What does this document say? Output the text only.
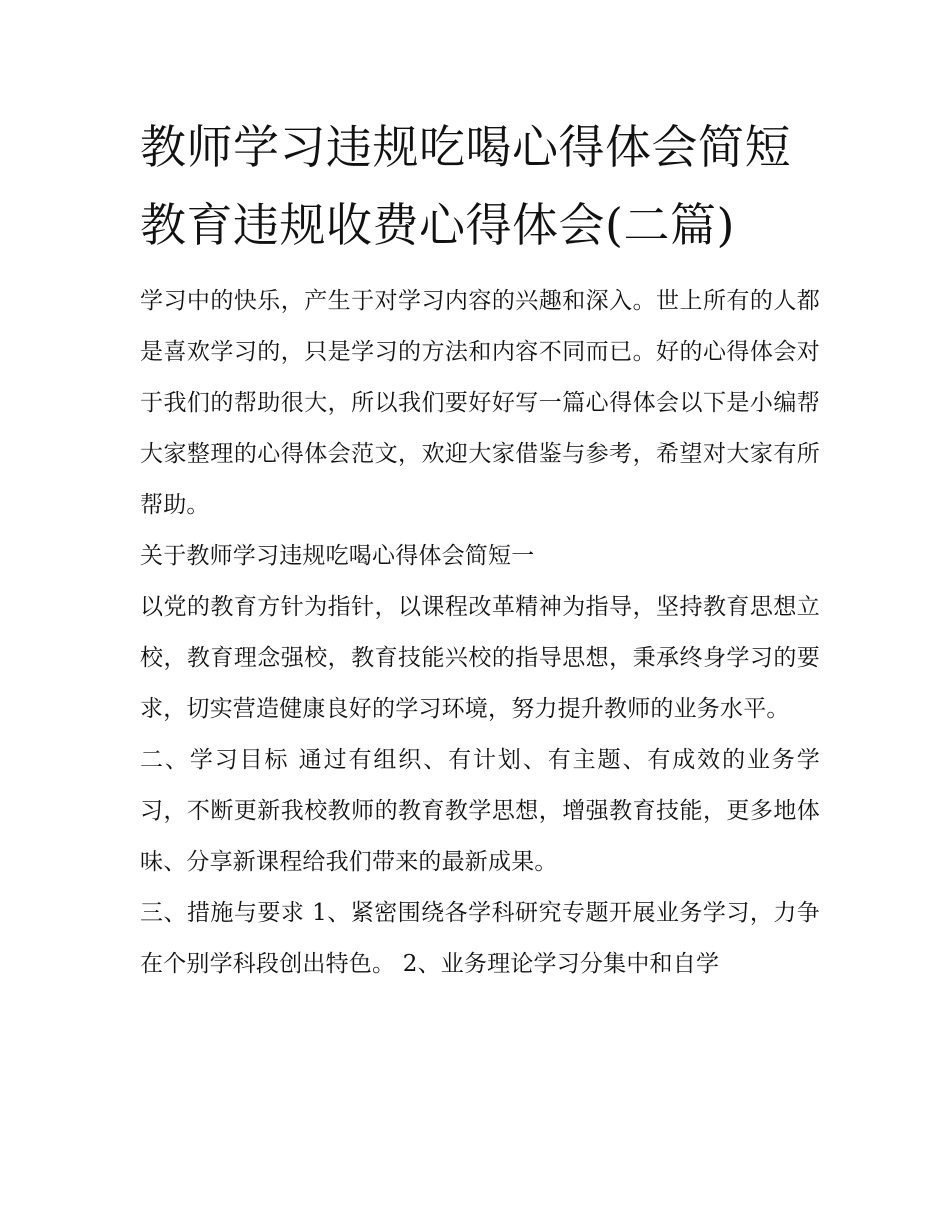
教师学习违规吃喝心得体会简短 教育违规收费心得体会(二篇)

学习中的快乐，产生于对学习内容的兴趣和深入。世上所有的人都是喜欢学习的，只是学习的方法和内容不同而已。好的心得体会对于我们的帮助很大，所以我们要好好写一篇心得体会以下是小编帮大家整理的心得体会范文，欢迎大家借鉴与参考，希望对大家有所帮助。

关于教师学习违规吃喝心得体会简短一

以党的教育方针为指针，以课程改革精神为指导，坚持教育思想立校，教育理念强校，教育技能兴校的指导思想，秉承终身学习的要求，切实营造健康良好的学习环境，努力提升教师的业务水平。

二、学习目标 通过有组织、有计划、有主题、有成效的业务学习，不断更新我校教师的教育教学思想，增强教育技能，更多地体味、分享新课程给我们带来的最新成果。

三、措施与要求 1、紧密围绕各学科研究专题开展业务学习，力争在个别学科段创出特色。 2、业务理论学习分集中和自学
